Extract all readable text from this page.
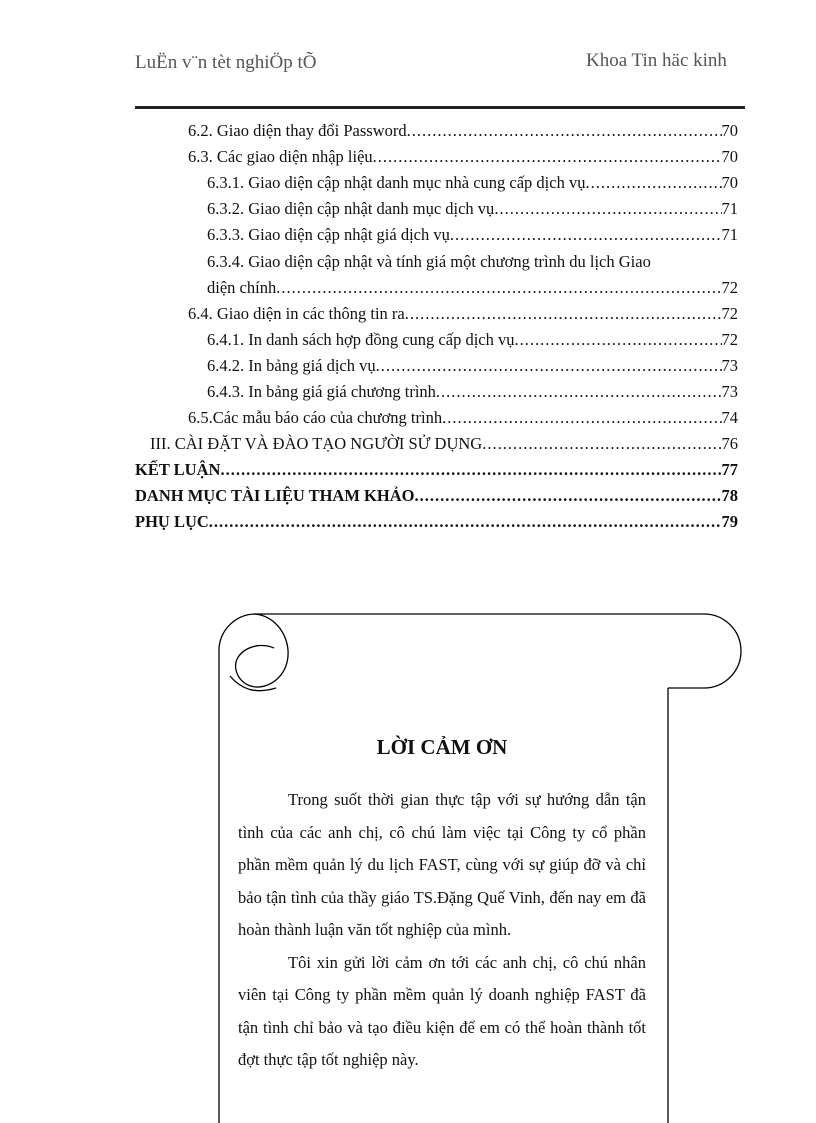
LuËn v¨n tèt nghiÖp tÕ	Khoa Tin häc kinh
6.2. Giao diện thay đổi Password .....	70
6.3. Các giao diện nhập liệu .....	70
6.3.1. Giao diện cập nhật danh mục nhà cung cấp dịch vụ .....	70
6.3.2. Giao diện cập nhật danh mục dịch vụ .....	71
6.3.3. Giao diện cập nhật giá dịch vụ .....	71
6.3.4. Giao diện cập nhật và tính giá một chương trình du lịch Giao
diện chính .....	72
6.4. Giao diện in các thông tin ra .....	72
6.4.1. In danh sách hợp đồng cung cấp dịch vụ .....	72
6.4.2. In bảng giá dịch vụ .....	73
6.4.3. In bảng giá giá chương trình .....	73
6.5.Các mẫu báo cáo của chương trình .....	74
III. CÀI ĐẶT VÀ ĐÀO TẠO NGƯỜI SỬ DỤNG .....	76
KẾT LUẬN .....	77
DANH MỤC TÀI LIỆU THAM KHẢO .....	78
PHỤ LỤC .....	79
LỜI CẢM ƠN

Trong suốt thời gian thực tập với sự hướng dẫn tận tình của các anh chị, cô chú làm việc tại Công ty cổ phần phần mềm quản lý du lịch FAST, cùng với sự giúp đỡ và chỉ bảo tận tình của thầy giáo TS.Đặng Quế Vinh, đến nay em đã hoàn thành luận văn tốt nghiệp của mình.

Tôi xin gửi lời cảm ơn tới các anh chị, cô chú nhân viên tại Công ty phần mềm quản lý doanh nghiệp FAST đã tận tình chỉ bảo và tạo điều kiện để em có thể hoàn thành tốt đợt thực tập tốt nghiệp này.
